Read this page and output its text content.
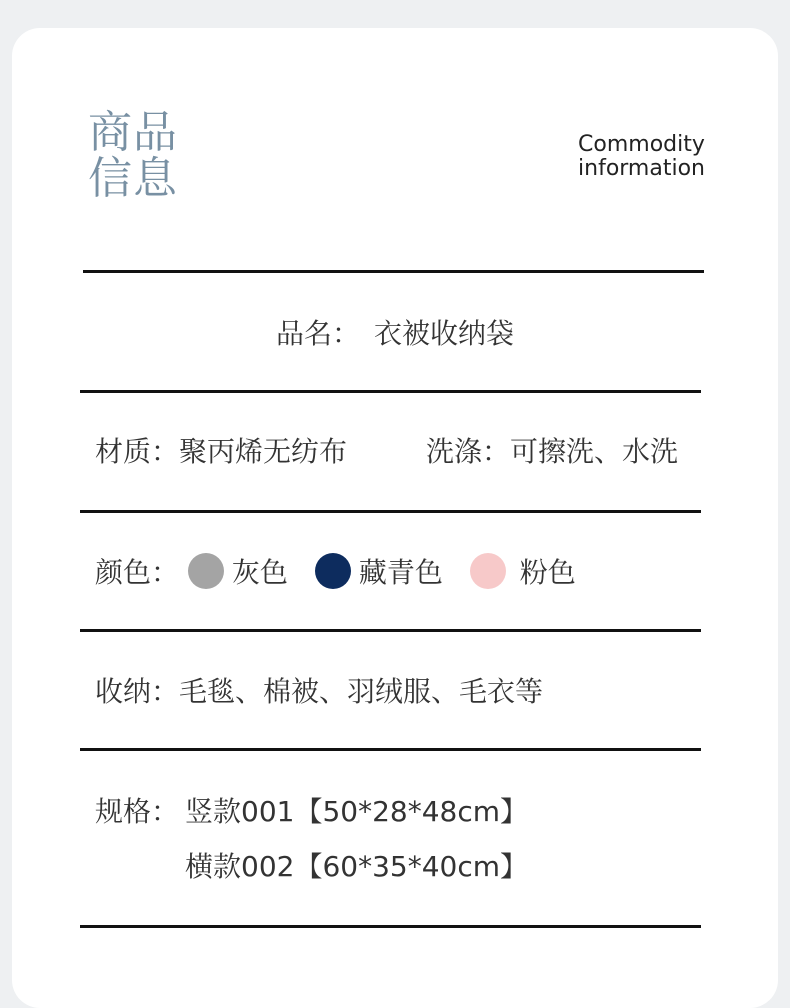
商品
信息
Commodity
information
品名： 衣被收纳袋
材质：聚丙烯无纺布	洗涤：可擦洗、水洗
颜色： 灰色	藏青色	粉色
收纳：毛毯、棉被、羽绒服、毛衣等
规格： 竖款001【50*28*48cm】
横款002【60*35*40cm】
